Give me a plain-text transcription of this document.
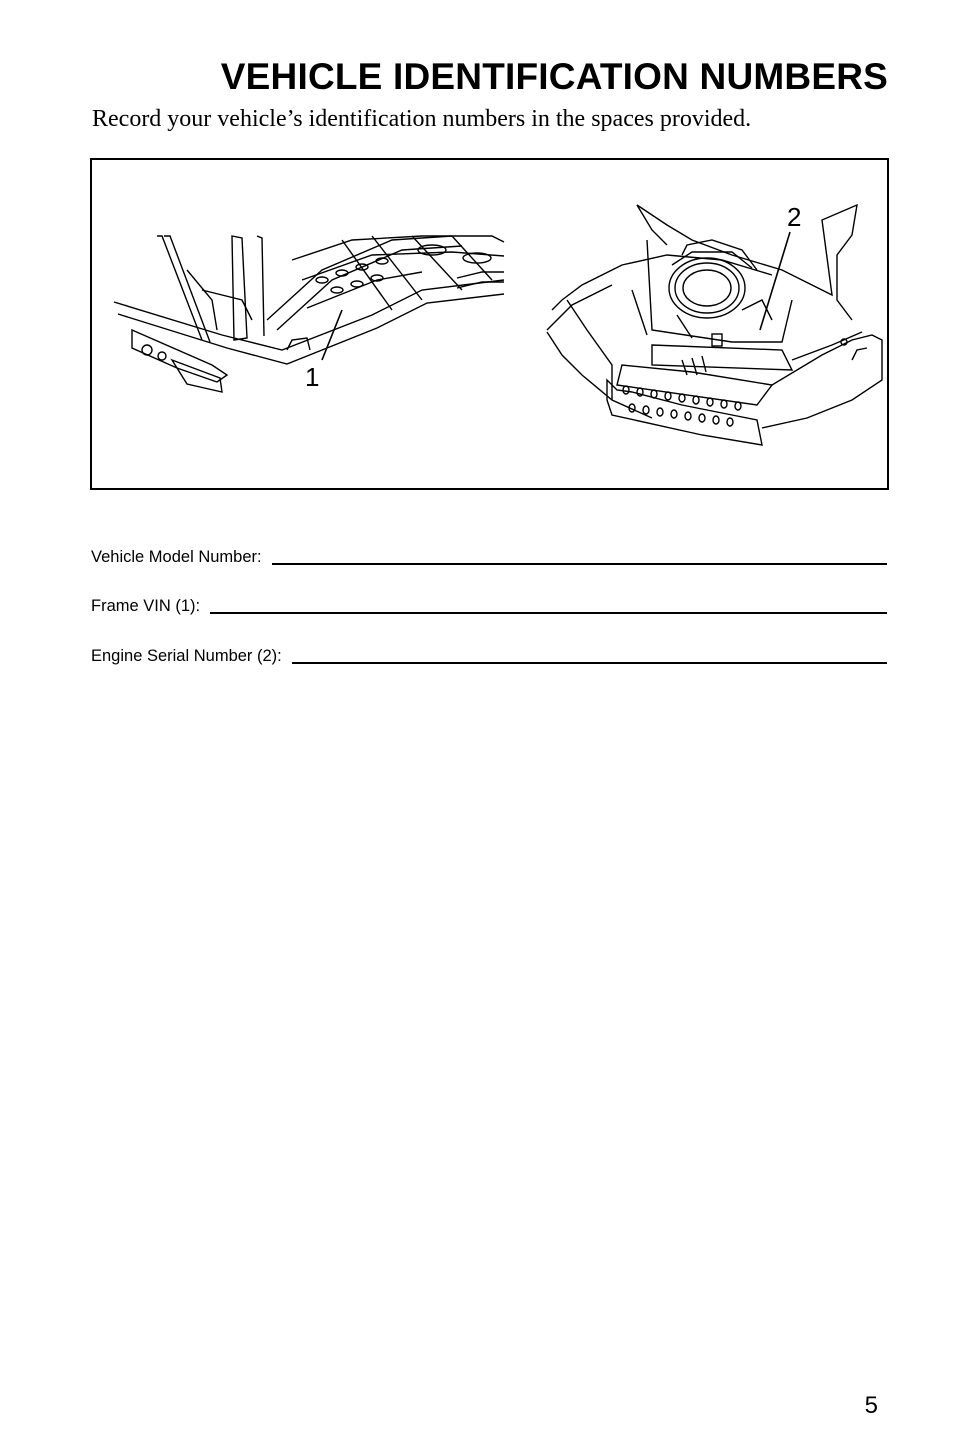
VEHICLE IDENTIFICATION NUMBERS

Record your vehicle’s identification numbers in the spaces provided.

1
2
Vehicle Model Number:
Frame VIN (1):
Engine Serial Number (2):
5
